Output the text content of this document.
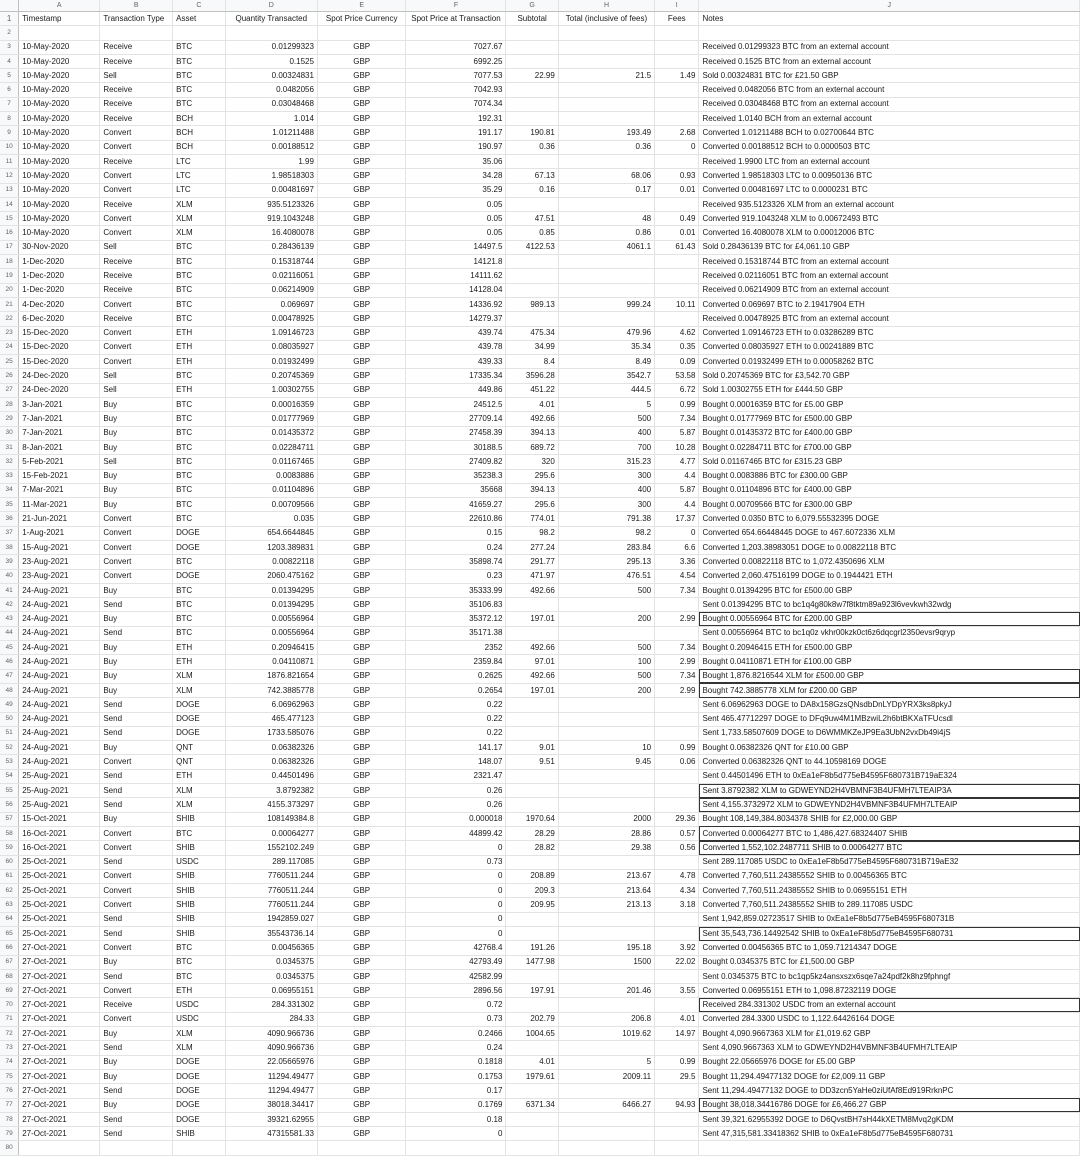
	A	B	C	D	E	F	G	H	I	J
1	Timestamp	Transaction Type	Asset	Quantity Transacted	Spot Price Currency	Spot Price at Transaction	Subtotal	Total (inclusive of fees)	Fees	Notes
2										
3	10-May-2020	Receive	BTC	0.01299323	GBP	7027.67				Received 0.01299323 BTC from an external account
4	10-May-2020	Receive	BTC	0.1525	GBP	6992.25				Received 0.1525 BTC from an external account
5	10-May-2020	Sell	BTC	0.00324831	GBP	7077.53	22.99	21.5	1.49	Sold 0.00324831 BTC for £21.50 GBP
6	10-May-2020	Receive	BTC	0.0482056	GBP	7042.93				Received 0.0482056 BTC from an external account
7	10-May-2020	Receive	BTC	0.03048468	GBP	7074.34				Received 0.03048468 BTC from an external account
8	10-May-2020	Receive	BCH	1.014	GBP	192.31				Received 1.0140 BCH from an external account
9	10-May-2020	Convert	BCH	1.01211488	GBP	191.17	190.81	193.49	2.68	Converted 1.01211488 BCH to 0.02700644 BTC
10	10-May-2020	Convert	BCH	0.00188512	GBP	190.97	0.36	0.36	0	Converted 0.00188512 BCH to 0.0000503 BTC
11	10-May-2020	Receive	LTC	1.99	GBP	35.06				Received 1.9900 LTC from an external account
12	10-May-2020	Convert	LTC	1.98518303	GBP	34.28	67.13	68.06	0.93	Converted 1.98518303 LTC to 0.00950136 BTC
13	10-May-2020	Convert	LTC	0.00481697	GBP	35.29	0.16	0.17	0.01	Converted 0.00481697 LTC to 0.0000231 BTC
14	10-May-2020	Receive	XLM	935.5123326	GBP	0.05				Received 935.5123326 XLM from an external account
15	10-May-2020	Convert	XLM	919.1043248	GBP	0.05	47.51	48	0.49	Converted 919.1043248 XLM to 0.00672493 BTC
16	10-May-2020	Convert	XLM	16.4080078	GBP	0.05	0.85	0.86	0.01	Converted 16.4080078 XLM to 0.00012006 BTC
17	30-Nov-2020	Sell	BTC	0.28436139	GBP	14497.5	4122.53	4061.1	61.43	Sold 0.28436139 BTC for £4,061.10 GBP
18	1-Dec-2020	Receive	BTC	0.15318744	GBP	14121.8				Received 0.15318744 BTC from an external account
19	1-Dec-2020	Receive	BTC	0.02116051	GBP	14111.62				Received 0.02116051 BTC from an external account
20	1-Dec-2020	Receive	BTC	0.06214909	GBP	14128.04				Received 0.06214909 BTC from an external account
21	4-Dec-2020	Convert	BTC	0.069697	GBP	14336.92	989.13	999.24	10.11	Converted 0.069697 BTC to 2.19417904 ETH
22	6-Dec-2020	Receive	BTC	0.00478925	GBP	14279.37				Received 0.00478925 BTC from an external account
23	15-Dec-2020	Convert	ETH	1.09146723	GBP	439.74	475.34	479.96	4.62	Converted 1.09146723 ETH to 0.03286289 BTC
24	15-Dec-2020	Convert	ETH	0.08035927	GBP	439.78	34.99	35.34	0.35	Converted 0.08035927 ETH to 0.00241889 BTC
25	15-Dec-2020	Convert	ETH	0.01932499	GBP	439.33	8.4	8.49	0.09	Converted 0.01932499 ETH to 0.00058262 BTC
26	24-Dec-2020	Sell	BTC	0.20745369	GBP	17335.34	3596.28	3542.7	53.58	Sold 0.20745369 BTC for £3,542.70 GBP
27	24-Dec-2020	Sell	ETH	1.00302755	GBP	449.86	451.22	444.5	6.72	Sold 1.00302755 ETH for £444.50 GBP
28	3-Jan-2021	Buy	BTC	0.00016359	GBP	24512.5	4.01	5	0.99	Bought 0.00016359 BTC for £5.00 GBP
29	7-Jan-2021	Buy	BTC	0.01777969	GBP	27709.14	492.66	500	7.34	Bought 0.01777969 BTC for £500.00 GBP
30	7-Jan-2021	Buy	BTC	0.01435372	GBP	27458.39	394.13	400	5.87	Bought 0.01435372 BTC for £400.00 GBP
31	8-Jan-2021	Buy	BTC	0.02284711	GBP	30188.5	689.72	700	10.28	Bought 0.02284711 BTC for £700.00 GBP
32	5-Feb-2021	Sell	BTC	0.01167465	GBP	27409.82	320	315.23	4.77	Sold 0.01167465 BTC for £315.23 GBP
33	15-Feb-2021	Buy	BTC	0.0083886	GBP	35238.3	295.6	300	4.4	Bought 0.0083886 BTC for £300.00 GBP
34	7-Mar-2021	Buy	BTC	0.01104896	GBP	35668	394.13	400	5.87	Bought 0.01104896 BTC for £400.00 GBP
35	11-Mar-2021	Buy	BTC	0.00709566	GBP	41659.27	295.6	300	4.4	Bought 0.00709566 BTC for £300.00 GBP
36	21-Jun-2021	Convert	BTC	0.035	GBP	22610.86	774.01	791.38	17.37	Converted 0.0350 BTC to 6,079.55532395 DOGE
37	1-Aug-2021	Convert	DOGE	654.6644845	GBP	0.15	98.2	98.2	0	Converted 654.66448445 DOGE to 467.6072336 XLM
38	15-Aug-2021	Convert	DOGE	1203.389831	GBP	0.24	277.24	283.84	6.6	Converted 1,203.38983051 DOGE to 0.00822118 BTC
39	23-Aug-2021	Convert	BTC	0.00822118	GBP	35898.74	291.77	295.13	3.36	Converted 0.00822118 BTC to 1,072.4350696 XLM
40	23-Aug-2021	Convert	DOGE	2060.475162	GBP	0.23	471.97	476.51	4.54	Converted 2,060.47516199 DOGE to 0.1944421 ETH
41	24-Aug-2021	Buy	BTC	0.01394295	GBP	35333.99	492.66	500	7.34	Bought 0.01394295 BTC for £500.00 GBP
42	24-Aug-2021	Send	BTC	0.01394295	GBP	35106.83				Sent 0.01394295 BTC to bc1q4g80k8w7f8tktm89a923l6vevkwh32wdg
43	24-Aug-2021	Buy	BTC	0.00556964	GBP	35372.12	197.01	200	2.99	Bought 0.00556964 BTC for £200.00 GBP
44	24-Aug-2021	Send	BTC	0.00556964	GBP	35171.38				Sent 0.00556964 BTC to bc1q0z vkhr00kzk0ct6z6dqcgrl2350evsr9qryp
45	24-Aug-2021	Buy	ETH	0.20946415	GBP	2352	492.66	500	7.34	Bought 0.20946415 ETH for £500.00 GBP
46	24-Aug-2021	Buy	ETH	0.04110871	GBP	2359.84	97.01	100	2.99	Bought 0.04110871 ETH for £100.00 GBP
47	24-Aug-2021	Buy	XLM	1876.821654	GBP	0.2625	492.66	500	7.34	Bought 1,876.8216544 XLM for £500.00 GBP
48	24-Aug-2021	Buy	XLM	742.3885778	GBP	0.2654	197.01	200	2.99	Bought 742.3885778 XLM for £200.00 GBP
49	24-Aug-2021	Send	DOGE	6.06962963	GBP	0.22				Sent 6.06962963 DOGE to DA8x158GzsQNsdbDnLYDpYRX3ks8pkyJ
50	24-Aug-2021	Send	DOGE	465.477123	GBP	0.22				Sent 465.47712297 DOGE to DFq9uw4M1MBzwiL2h6btBKXaTFUcsdl
51	24-Aug-2021	Send	DOGE	1733.585076	GBP	0.22				Sent 1,733.58507609 DOGE to D6WMMKZeJP9Ea3UbN2vxDb49i4jS
52	24-Aug-2021	Buy	QNT	0.06382326	GBP	141.17	9.01	10	0.99	Bought 0.06382326 QNT for £10.00 GBP
53	24-Aug-2021	Convert	QNT	0.06382326	GBP	148.07	9.51	9.45	0.06	Converted 0.06382326 QNT to 44.10598169 DOGE
54	25-Aug-2021	Send	ETH	0.44501496	GBP	2321.47				Sent 0.44501496 ETH to 0xEa1eF8b5d775eB4595F680731B719aE324
55	25-Aug-2021	Send	XLM	3.8792382	GBP	0.26				Sent 3.8792382 XLM to GDWEYND2H4VBMNF3B4UFMH7LTEAIP3A
56	25-Aug-2021	Send	XLM	4155.373297	GBP	0.26				Sent 4,155.3732972 XLM to GDWEYND2H4VBMNF3B4UFMH7LTEAIP
57	15-Oct-2021	Buy	SHIB	108149384.8	GBP	0.000018	1970.64	2000	29.36	Bought 108,149,384.8034378 SHIB for £2,000.00 GBP
58	16-Oct-2021	Convert	BTC	0.00064277	GBP	44899.42	28.29	28.86	0.57	Converted 0.00064277 BTC to 1,486,427.68324407 SHIB
59	16-Oct-2021	Convert	SHIB	1552102.249	GBP	0	28.82	29.38	0.56	Converted 1,552,102.2487711 SHIB to 0.00064277 BTC
60	25-Oct-2021	Send	USDC	289.117085	GBP	0.73				Sent 289.117085 USDC to 0xEa1eF8b5d775eB4595F680731B719aE32
61	25-Oct-2021	Convert	SHIB	7760511.244	GBP	0	208.89	213.67	4.78	Converted 7,760,511.24385552 SHIB to 0.00456365 BTC
62	25-Oct-2021	Convert	SHIB	7760511.244	GBP	0	209.3	213.64	4.34	Converted 7,760,511.24385552 SHIB to 0.06955151 ETH
63	25-Oct-2021	Convert	SHIB	7760511.244	GBP	0	209.95	213.13	3.18	Converted 7,760,511.24385552 SHIB to 289.117085 USDC
64	25-Oct-2021	Send	SHIB	1942859.027	GBP	0				Sent 1,942,859.02723517 SHIB to 0xEa1eF8b5d775eB4595F680731B
65	25-Oct-2021	Send	SHIB	35543736.14	GBP	0				Sent 35,543,736.14492542 SHIB to 0xEa1eF8b5d775eB4595F680731
66	27-Oct-2021	Convert	BTC	0.00456365	GBP	42768.4	191.26	195.18	3.92	Converted 0.00456365 BTC to 1,059.71214347 DOGE
67	27-Oct-2021	Buy	BTC	0.0345375	GBP	42793.49	1477.98	1500	22.02	Bought 0.0345375 BTC for £1,500.00 GBP
68	27-Oct-2021	Send	BTC	0.0345375	GBP	42582.99				Sent 0.0345375 BTC to bc1qp5kz4ansxszx6sqe7a24pdf2k8hz9fphngf
69	27-Oct-2021	Convert	ETH	0.06955151	GBP	2896.56	197.91	201.46	3.55	Converted 0.06955151 ETH to 1,098.87232119 DOGE
70	27-Oct-2021	Receive	USDC	284.331302	GBP	0.72				Received 284.331302 USDC from an external account
71	27-Oct-2021	Convert	USDC	284.33	GBP	0.73	202.79	206.8	4.01	Converted 284.3300 USDC to 1,122.64426164 DOGE
72	27-Oct-2021	Buy	XLM	4090.966736	GBP	0.2466	1004.65	1019.62	14.97	Bought 4,090.9667363 XLM for £1,019.62 GBP
73	27-Oct-2021	Send	XLM	4090.966736	GBP	0.24				Sent 4,090.9667363 XLM to GDWEYND2H4VBMNF3B4UFMH7LTEAIP
74	27-Oct-2021	Buy	DOGE	22.05665976	GBP	0.1818	4.01	5	0.99	Bought 22.05665976 DOGE for £5.00 GBP
75	27-Oct-2021	Buy	DOGE	11294.49477	GBP	0.1753	1979.61	2009.11	29.5	Bought 11,294.49477132 DOGE for £2,009.11 GBP
76	27-Oct-2021	Send	DOGE	11294.49477	GBP	0.17				Sent 11,294.49477132 DOGE to DD3zcn5YaHe0ziUfAf8Ed919RrknPC
77	27-Oct-2021	Buy	DOGE	38018.34417	GBP	0.1769	6371.34	6466.27	94.93	Bought 38,018.34416786 DOGE for £6,466.27 GBP
78	27-Oct-2021	Send	DOGE	39321.62955	GBP	0.18				Sent 39,321.62955392 DOGE to D6QvstBH7sH44kXETM8Mvq2gKDM
79	27-Oct-2021	Send	SHIB	47315581.33	GBP	0				Sent 47,315,581.33418362 SHIB to 0xEa1eF8b5d775eB4595F680731
80										
